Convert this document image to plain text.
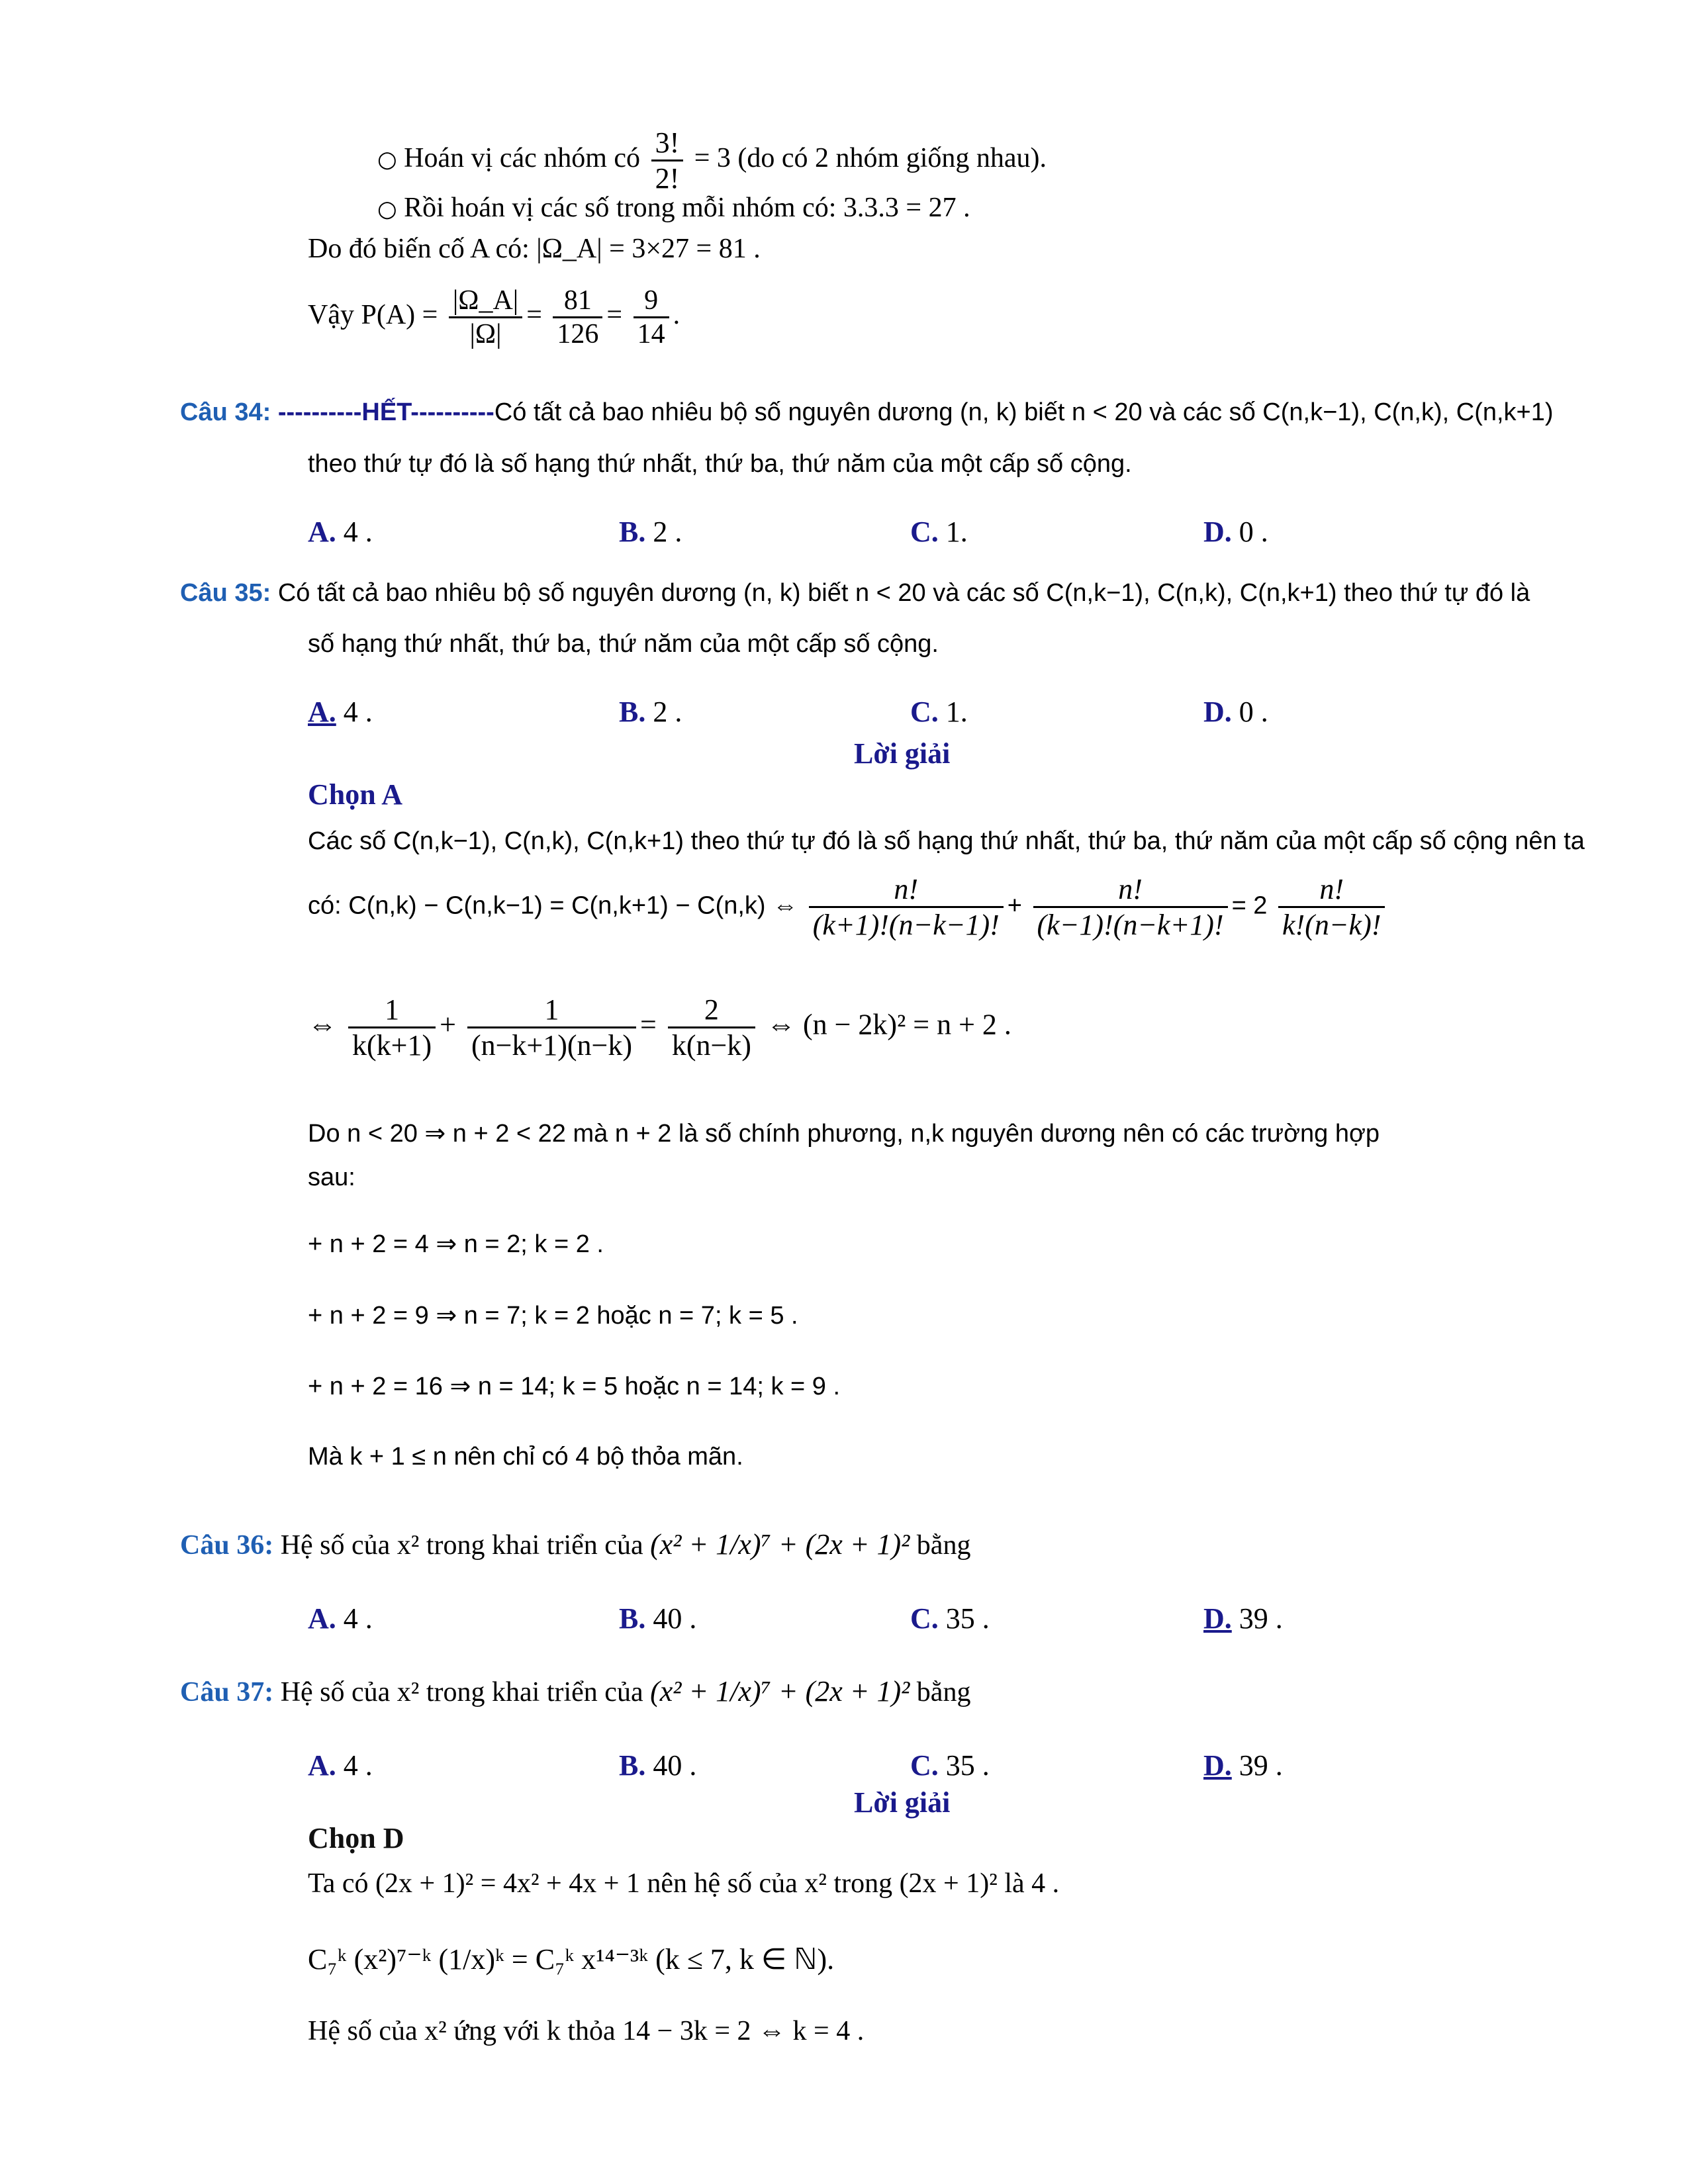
○ Hoán vị các nhóm có $\frac{3!}{2!} = 3$ (do có 2 nhóm giống nhau).
○ Rồi hoán vị các số trong mỗi nhóm có: 3.3.3 = 27 .
Do đó biến cố A có: |Ω_A| = 3×27 = 81 .
Vậy $P(A) = \frac{|\Omega\_A|}{|\Omega|} = \frac{81}{126} = \frac{9}{14}$ .
Câu 34: ----------HẾT----------Có tất cả bao nhiêu bộ số nguyên dương (n, k) biết n < 20 và các số C(n,k−1), C(n,k), C(n,k+1)
theo thứ tự đó là số hạng thứ nhất, thứ ba, thứ năm của một cấp số cộng.
A. 4 .	B. 2 .	C. 1.	D. 0 .
Câu 35: Có tất cả bao nhiêu bộ số nguyên dương (n, k) biết n < 20 và các số C(n,k−1), C(n,k), C(n,k+1) theo thứ tự đó là
số hạng thứ nhất, thứ ba, thứ năm của một cấp số cộng.
A. 4 .	B. 2 .	C. 1.	D. 0 .
Lời giải
Chọn A
Các số C(n,k−1), C(n,k), C(n,k+1) theo thứ tự đó là số hạng thứ nhất, thứ ba, thứ năm của một cấp số cộng nên ta
có: C(n,k) − C(n,k−1) = C(n,k+1) − C(n,k) ⇔ $\frac{n!}{(k+1)!(n-k-1)!} + \frac{n!}{(k-1)!(n-k+1)!} = 2 \frac{n!}{k!(n-k)!}$
⇔ $\frac{1}{k(k+1)} + \frac{1}{(n-k+1)(n-k)} = \frac{2}{k(n-k)}$ ⇔ (n − 2k)² = n + 2 .
Do n < 20 ⇒ n + 2 < 22 mà n + 2 là số chính phương, n,k nguyên dương nên có các trường hợp
sau:
+ n + 2 = 4 ⇒ n = 2; k = 2 .
+ n + 2 = 9 ⇒ n = 7; k = 2 hoặc n = 7; k = 5 .
+ n + 2 = 16 ⇒ n = 14; k = 5 hoặc n = 14; k = 9 .
Mà k + 1 ≤ n nên chỉ có 4 bộ thỏa mãn.
Câu 36: Hệ số của x² trong khai triển của (x² + 1/x)⁷ + (2x + 1)² bằng
A. 4 .	B. 40 .	C. 35 .	D. 39 .
Câu 37: Hệ số của x² trong khai triển của (x² + 1/x)⁷ + (2x + 1)² bằng
A. 4 .	B. 40 .	C. 35 .	D. 39 .
Lời giải
Chọn D
Ta có (2x + 1)² = 4x² + 4x + 1 nên hệ số của x² trong (2x + 1)² là 4 .
C₇ᵏ (x²)⁷⁻ᵏ (1/x)ᵏ = C₇ᵏ x¹⁴⁻³ᵏ (k ≤ 7, k ∈ ℕ).
Hệ số của x² ứng với k thỏa 14 − 3k = 2 ⇔ k = 4 .
